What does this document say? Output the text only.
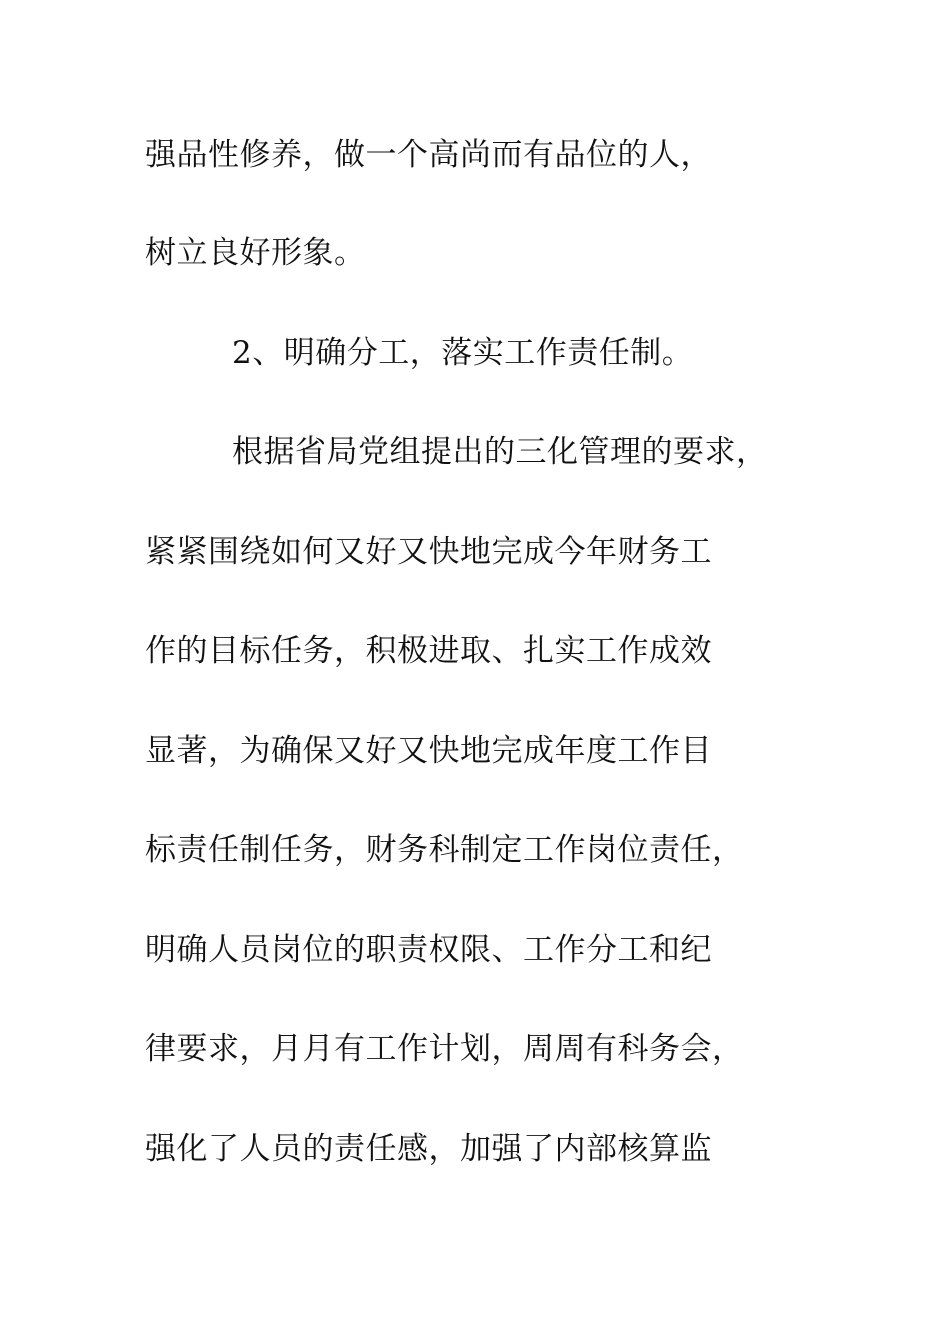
强品性修养，做一个高尚而有品位的人，
树立良好形象。
2、明确分工，落实工作责任制。
根据省局党组提出的三化管理的要求，
紧紧围绕如何又好又快地完成今年财务工
作的目标任务，积极进取、扎实工作成效
显著，为确保又好又快地完成年度工作目
标责任制任务，财务科制定工作岗位责任，
明确人员岗位的职责权限、工作分工和纪
律要求，月月有工作计划，周周有科务会，
强化了人员的责任感，加强了内部核算监
